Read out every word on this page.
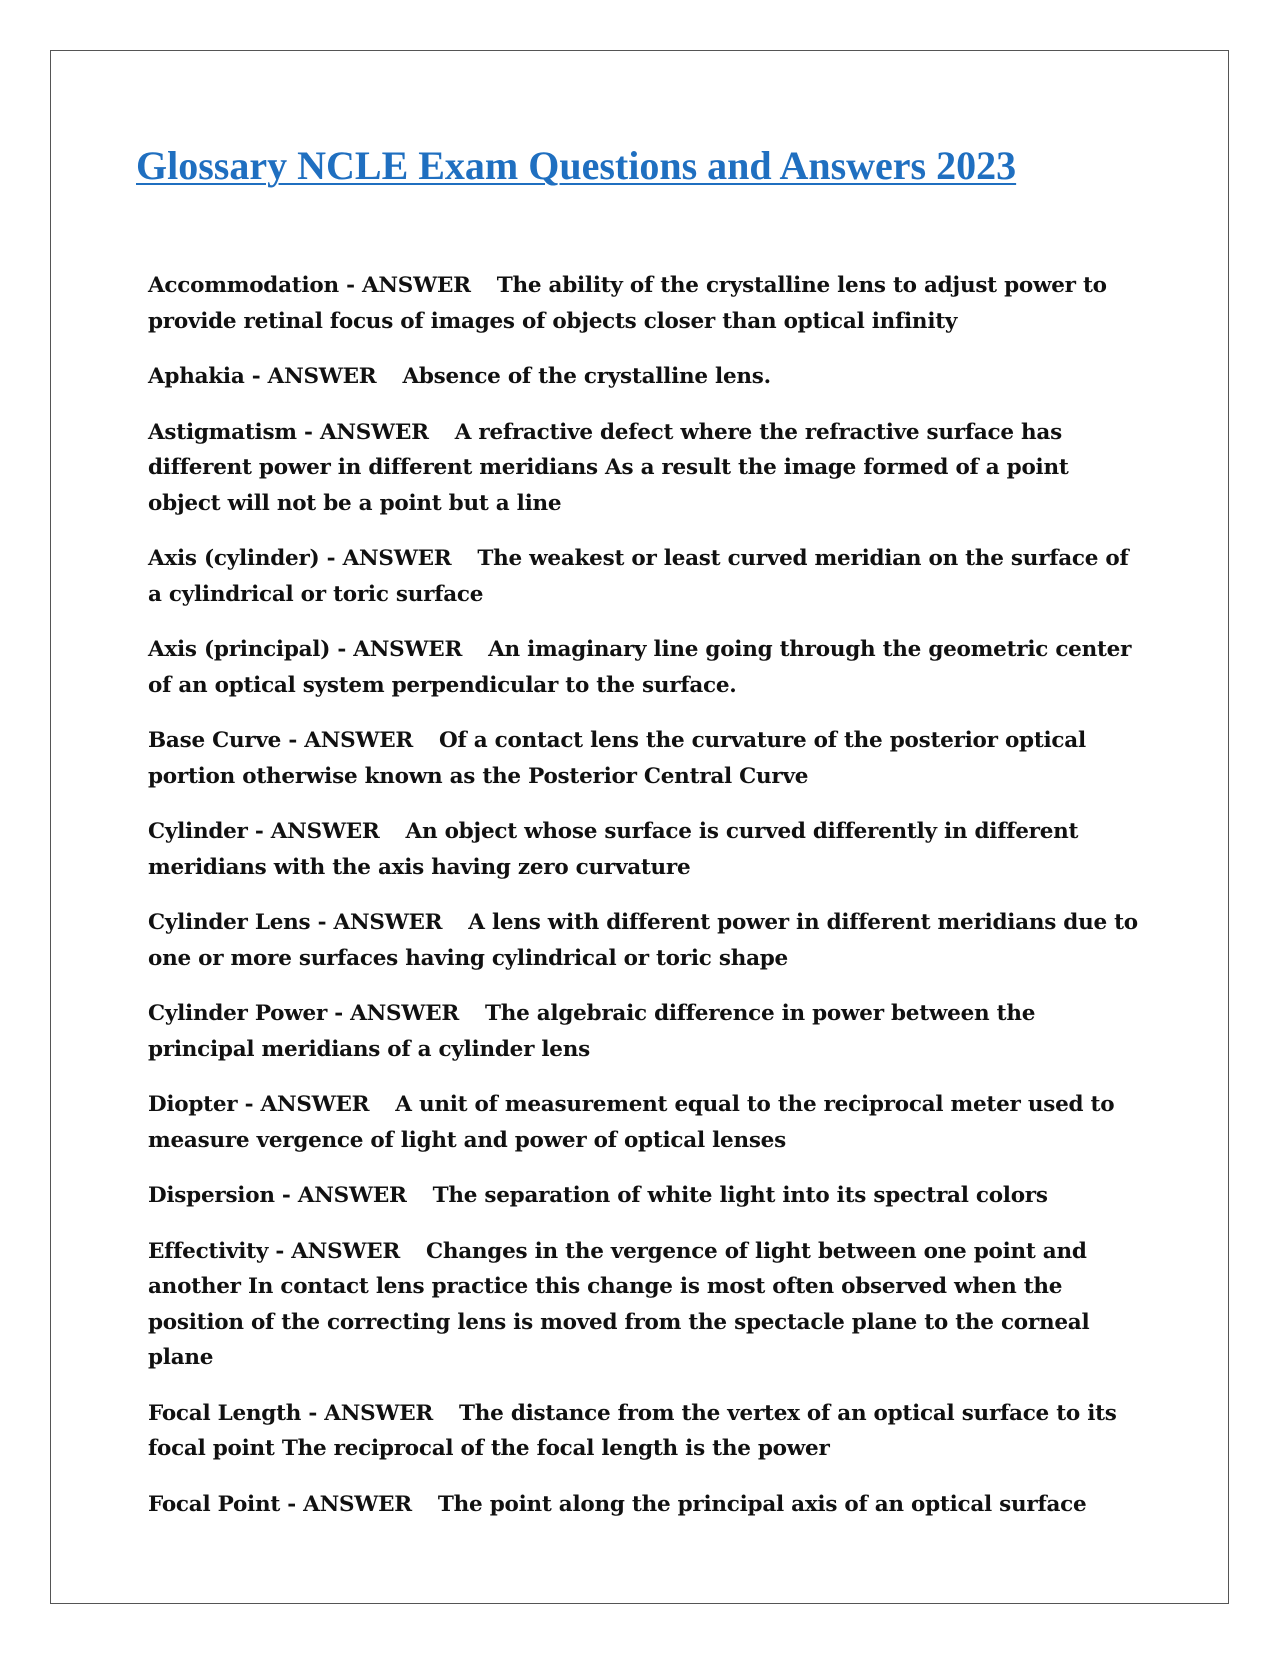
Glossary NCLE Exam Questions and Answers 2023

Accommodation - ANSWER The ability of the crystalline lens to adjust power to provide retinal focus of images of objects closer than optical infinity

Aphakia - ANSWER Absence of the crystalline lens.

Astigmatism - ANSWER A refractive defect where the refractive surface has different power in different meridians As a result the image formed of a point object will not be a point but a line

Axis (cylinder) - ANSWER The weakest or least curved meridian on the surface of a cylindrical or toric surface

Axis (principal) - ANSWER An imaginary line going through the geometric center of an optical system perpendicular to the surface.

Base Curve - ANSWER Of a contact lens the curvature of the posterior optical portion otherwise known as the Posterior Central Curve

Cylinder - ANSWER An object whose surface is curved differently in different meridians with the axis having zero curvature

Cylinder Lens - ANSWER A lens with different power in different meridians due to one or more surfaces having cylindrical or toric shape

Cylinder Power - ANSWER The algebraic difference in power between the principal meridians of a cylinder lens

Diopter - ANSWER A unit of measurement equal to the reciprocal meter used to measure vergence of light and power of optical lenses

Dispersion - ANSWER The separation of white light into its spectral colors

Effectivity - ANSWER Changes in the vergence of light between one point and another In contact lens practice this change is most often observed when the position of the correcting lens is moved from the spectacle plane to the corneal plane

Focal Length - ANSWER The distance from the vertex of an optical surface to its focal point The reciprocal of the focal length is the power

Focal Point - ANSWER The point along the principal axis of an optical surface
